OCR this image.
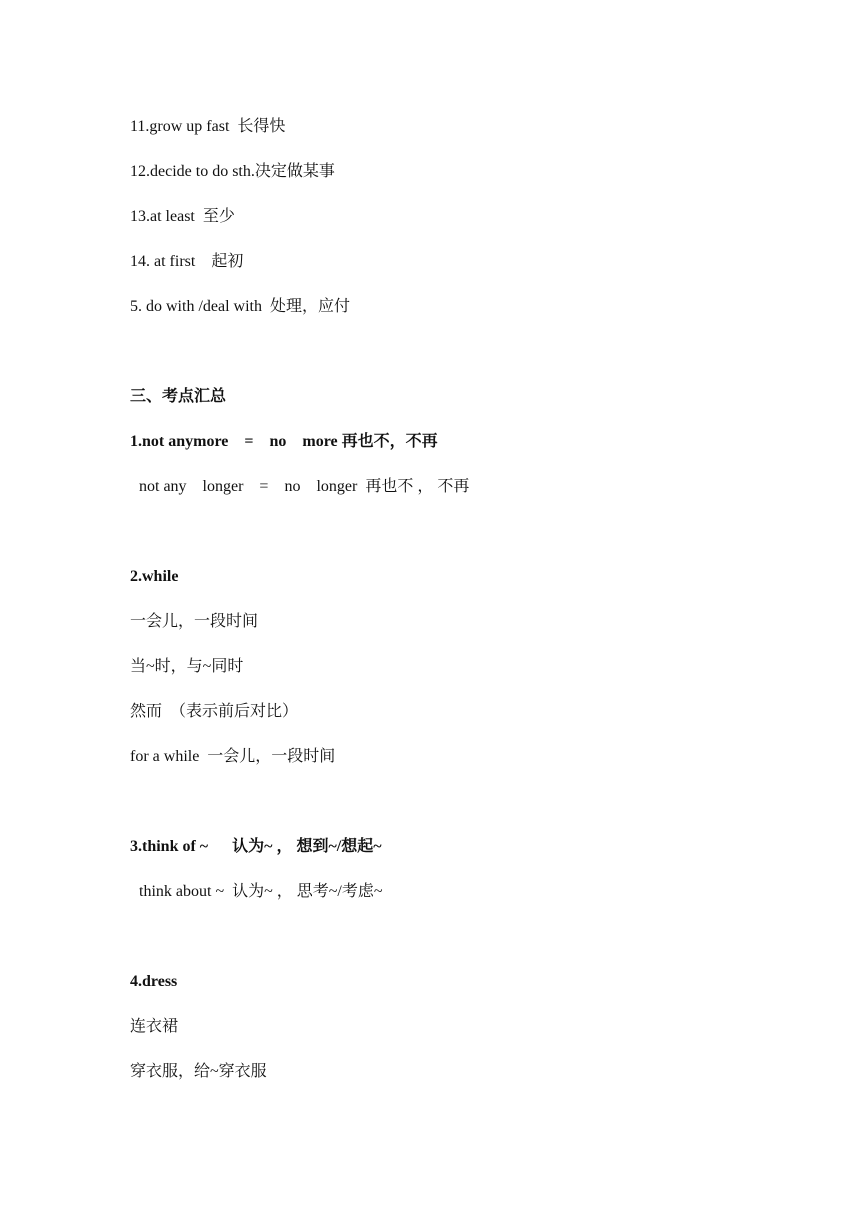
11.grow up fast  长得快
12.decide to do sth.决定做某事
13.at least  至少
14. at first    起初
5. do with /deal with  处理，应付
三、考点汇总
1.not anymore    =    no    more 再也不，不再
not any    longer    =    no    longer  再也不 ， 不再
2.while
一会儿，一段时间
当~时，与~同时
然而  （表示前后对比）
for a while  一会儿，一段时间
3.think of ~      认为~ ， 想到~/想起~
think about ~  认为~ ， 思考~/考虑~
4.dress
连衣裙
穿衣服，给~穿衣服
